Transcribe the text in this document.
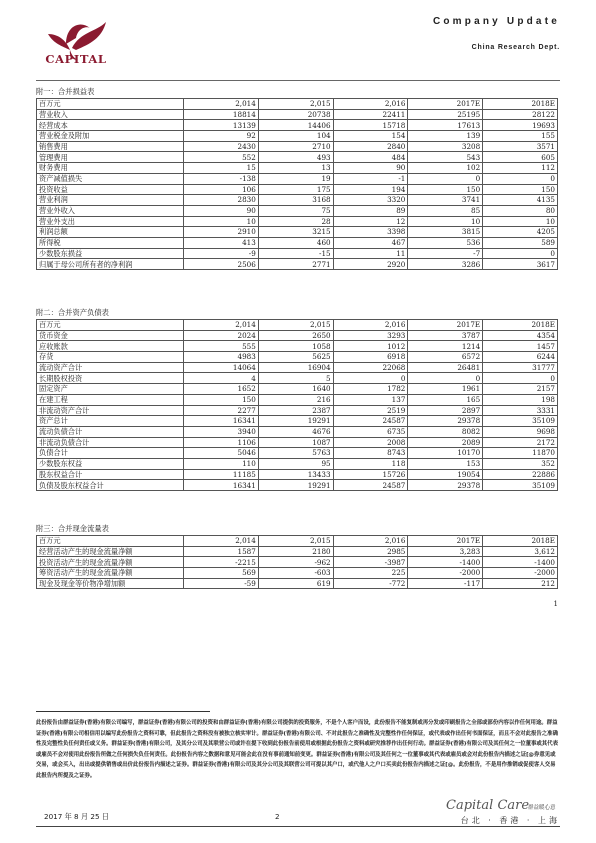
CAPITAL
Company Update
China Research Dept.
附一：合并损益表
百万元	2,014	2,015	2,016	2017E	2018E
营业收入	18814	20738	22411	25195	28122
经营成本	13139	14406	15718	17613	19693
营业税金及附加	92	104	154	139	155
销售费用	2430	2710	2840	3208	3571
管理费用	552	493	484	543	605
财务费用	15	13	90	102	112
资产减值损失	-138	19	-1	0	0
投资收益	106	175	194	150	150
营业利润	2830	3168	3320	3741	4135
营业外收入	90	75	89	85	80
营业外支出	10	28	12	10	10
利润总额	2910	3215	3398	3815	4205
所得税	413	460	467	536	589
少数股东损益	-9	-15	11	-7	0
归属于母公司所有者的净利润	2506	2771	2920	3286	3617
附二：合并资产负债表
百万元	2,014	2,015	2,016	2017E	2018E
货币资金	2024	2650	3293	3787	4354
应收账款	555	1058	1012	1214	1457
存货	4983	5625	6918	6572	6244
流动资产合计	14064	16904	22068	26481	31777
长期股权投资	4	5	0	0	0
固定资产	1652	1640	1782	1961	2157
在建工程	150	216	137	165	198
非流动资产合计	2277	2387	2519	2897	3331
资产总计	16341	19291	24587	29378	35109
流动负债合计	3940	4676	6735	8082	9698
非流动负债合计	1106	1087	2008	2089	2172
负债合计	5046	5763	8743	10170	11870
少数股东权益	110	95	118	153	352
股东权益合计	11185	13433	15726	19054	22886
负债及股东权益合计	16341	19291	24587	29378	35109
附三：合并现金流量表
百万元	2,014	2,015	2,016	2017E	2018E
经营活动产生的现金流量净额	1587	2180	2985	3,283	3,612
投资活动产生的现金流量净额	-2215	-962	-3987	-1400	-1400
筹资活动产生的现金流量净额	569	-603	225	-2000	-2000
现金及现金等价物净增加额	-59	619	-772	-117	212
1
此份报告由群益证券(香港)有限公司编写，群益证券(香港)有限公司的投资和由群益证券(香港)有限公司提供的投资服务，不是个人客户而设，此份报告不能复制或再分发或印刷报告之全部或部份内容以作任何用途。群益证券(香港)有限公司相信用以编写此份报告之资料可靠，但此报告之资料没有被独立核实审计。群益证券(香港)有限公司、不对此报告之准确性及完整性作任何保证，或代表或作出任何书面保证，而且不会对此报告之准确性及完整性负任何责任或义务。群益证券(香港)有限公司，及其分公司及其联营公司或许在提下收到此份报告前使用或根据此份报告之资料或研究推荐作出任何行动。群益证券(香港)有限公司及其任何之一位董事或其代表或雇员不会对使用此份报告所做之任何损失负任何责任。此份报告内容之数据和意见可能会此在没有事前通知前变更。群益证券(香港)有限公司及其任何之一位董事或其代表或雇员或会对此份报告内描述之证[@券意见或交易，或会买入，出出或提供销售或出价此份报告内描述之证券。群益证券(香港)有限公司及其分公司及其联营公司可提以其户口，或代他人之户口买卖此份报告内描述之证[@。此份报告，不是用作推销或促使客人交易此报告内所提及之证券。
Capital Care
群益暖心意
台北 · 香港 · 上海
2017 年 8 月 25 日	2
